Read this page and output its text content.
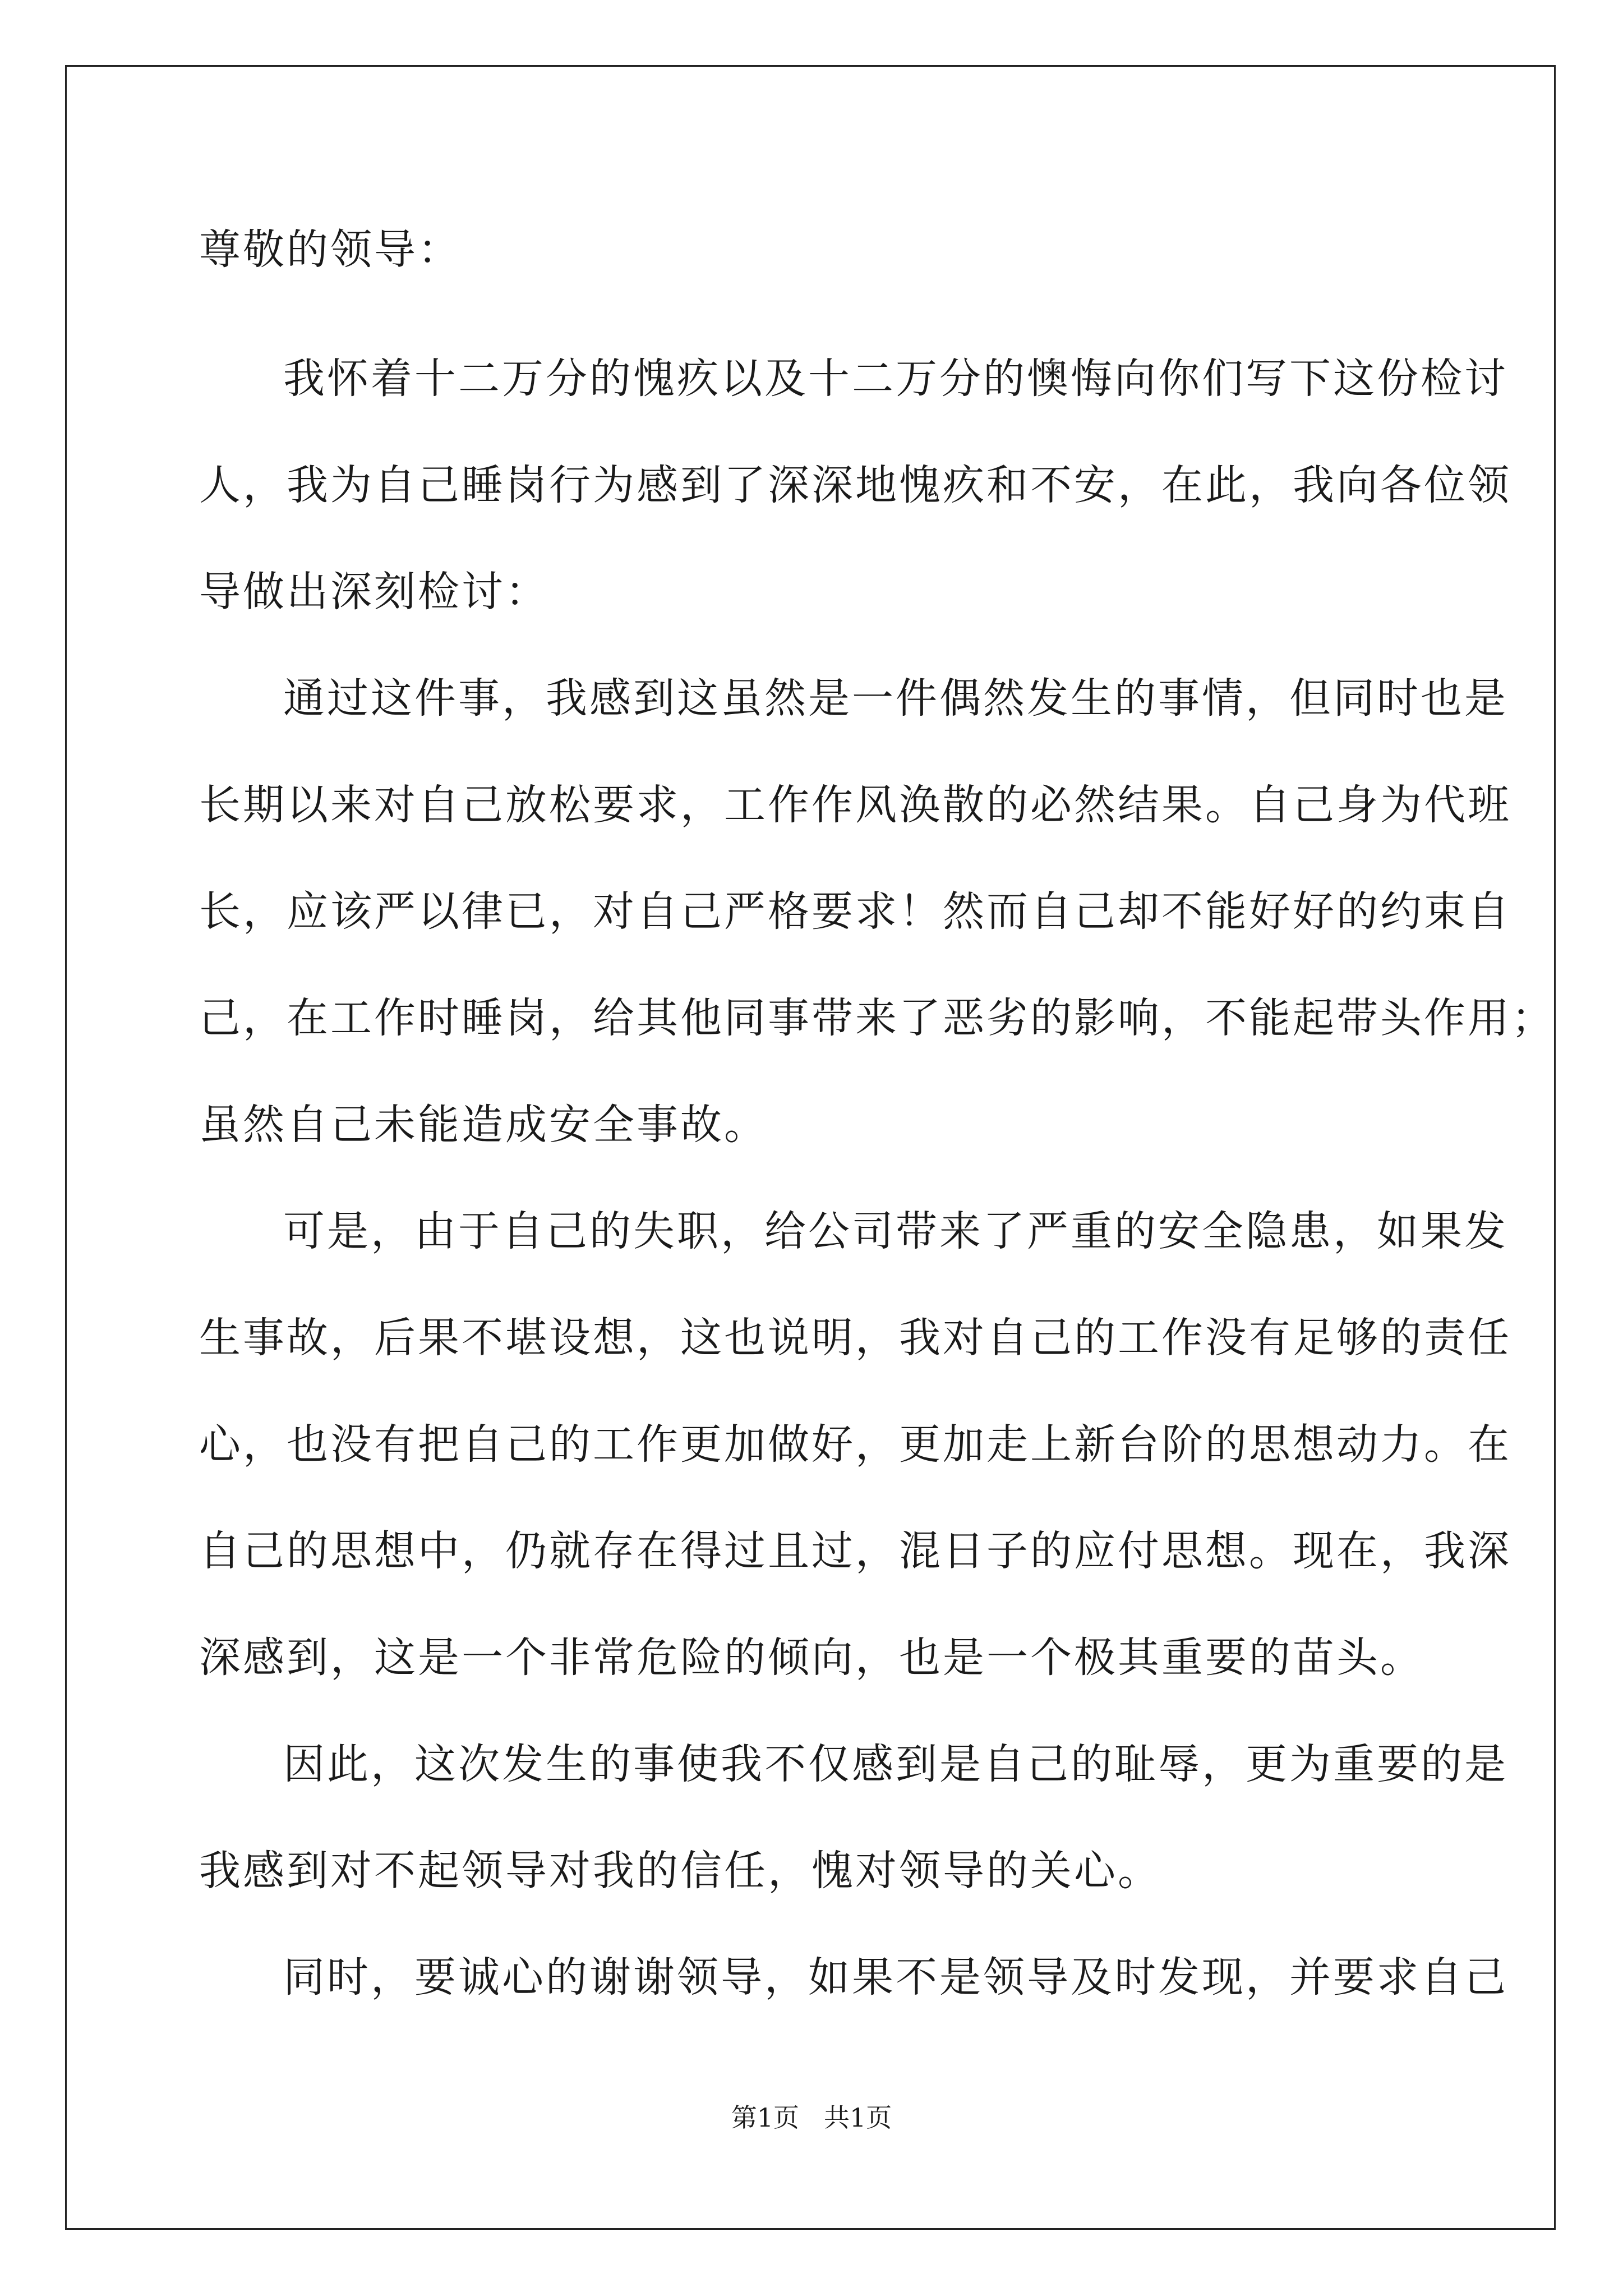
尊敬的领导：
我怀着十二万分的愧疚以及十二万分的懊悔向你们写下这份检讨
人，我为自己睡岗行为感到了深深地愧疚和不安，在此，我向各位领
导做出深刻检讨：
通过这件事，我感到这虽然是一件偶然发生的事情，但同时也是
长期以来对自己放松要求，工作作风涣散的必然结果。自己身为代班
长，应该严以律已，对自己严格要求！然而自己却不能好好的约束自
己，在工作时睡岗，给其他同事带来了恶劣的影响，不能起带头作用；
虽然自己未能造成安全事故。
可是，由于自己的失职，给公司带来了严重的安全隐患，如果发
生事故，后果不堪设想，这也说明，我对自己的工作没有足够的责任
心，也没有把自己的工作更加做好，更加走上新台阶的思想动力。在
自己的思想中，仍就存在得过且过，混日子的应付思想。现在，我深
深感到，这是一个非常危险的倾向，也是一个极其重要的苗头。
因此，这次发生的事使我不仅感到是自己的耻辱，更为重要的是
我感到对不起领导对我的信任，愧对领导的关心。
同时，要诚心的谢谢领导，如果不是领导及时发现，并要求自己
第1页 共1页
